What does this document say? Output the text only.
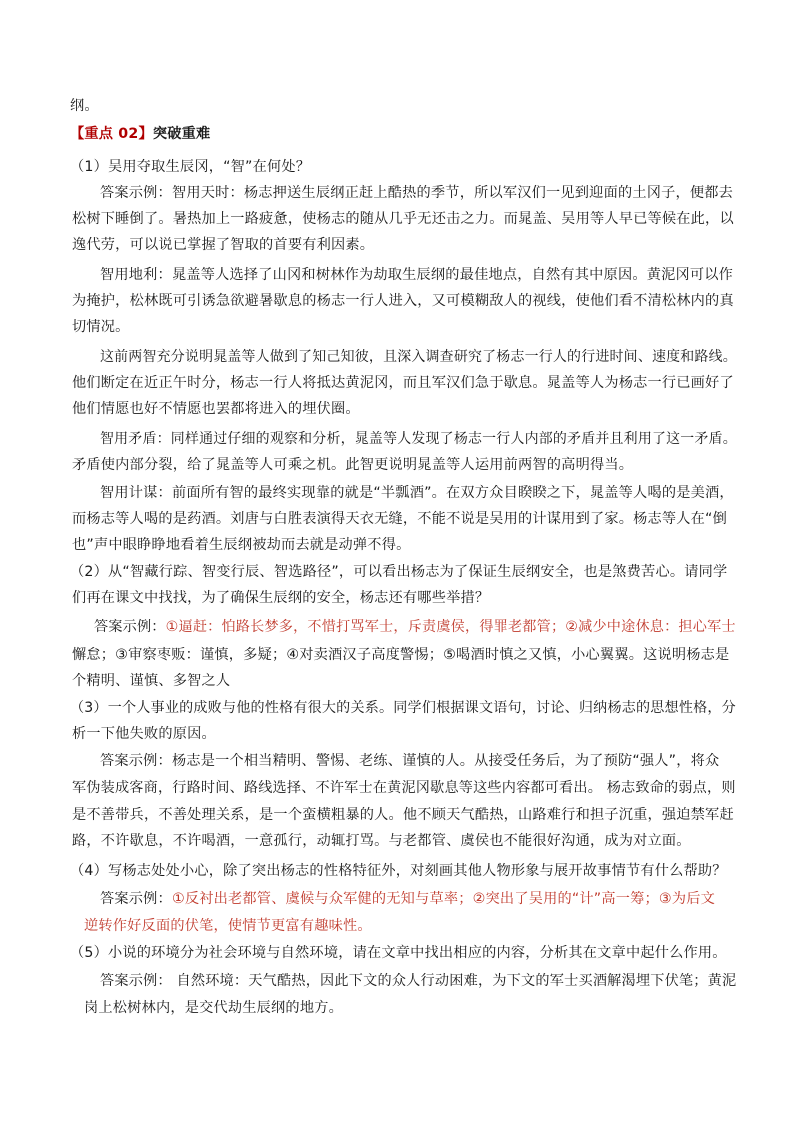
纲。
【重点 02】突破重难
（1）吴用夺取生辰冈，“智”在何处？
答案示例：智用天时：杨志押送生辰纲正赶上酷热的季节，所以军汉们一见到迎面的土冈子，便都去
松树下睡倒了。暑热加上一路疲惫，使杨志的随从几乎无还击之力。而晁盖、吴用等人早已等候在此，以
逸代劳，可以说已掌握了智取的首要有利因素。
智用地利：晁盖等人选择了山冈和树林作为劫取生辰纲的最佳地点，自然有其中原因。黄泥冈可以作
为掩护，松林既可引诱急欲避暑歇息的杨志一行人进入，又可模糊敌人的视线，使他们看不清松林内的真
切情况。
这前两智充分说明晁盖等人做到了知己知彼，且深入调查研究了杨志一行人的行进时间、速度和路线。
他们断定在近正午时分，杨志一行人将抵达黄泥冈，而且军汉们急于歇息。晁盖等人为杨志一行已画好了
他们情愿也好不情愿也罢都将进入的埋伏圈。
智用矛盾：同样通过仔细的观察和分析，晁盖等人发现了杨志一行人内部的矛盾并且利用了这一矛盾。
矛盾使内部分裂，给了晁盖等人可乘之机。此智更说明晁盖等人运用前两智的高明得当。
智用计谋：前面所有智的最终实现靠的就是“半瓢酒”。在双方众目睽睽之下，晁盖等人喝的是美酒，
而杨志等人喝的是药酒。刘唐与白胜表演得天衣无缝，不能不说是吴用的计谋用到了家。杨志等人在“倒
也”声中眼睁睁地看着生辰纲被劫而去就是动弹不得。
（2）从“智藏行踪、智变行辰、智选路径”，可以看出杨志为了保证生辰纲安全，也是煞费苦心。请同学
们再在课文中找找，为了确保生辰纲的安全，杨志还有哪些举措？
答案示例：①逼赶：怕路长梦多，不惜打骂军士，斥责虞侯，得罪老都管；②减少中途休息：担心军士
懈怠；③审察枣贩：谨慎，多疑；④对卖酒汉子高度警惕；⑤喝酒时慎之又慎，小心翼翼。这说明杨志是
个精明、谨慎、多智之人
（3）一个人事业的成败与他的性格有很大的关系。同学们根据课文语句，讨论、归纳杨志的思想性格，分
析一下他失败的原因。
答案示例：杨志是一个相当精明、警惕、老练、谨慎的人。从接受任务后，为了预防“强人”，将众
军伪装成客商，行路时间、路线选择、不许军士在黄泥冈歇息等这些内容都可看出。 杨志致命的弱点，则
是不善带兵，不善处理关系，是一个蛮横粗暴的人。他不顾天气酷热，山路难行和担子沉重，强迫禁军赶
路，不许歇息，不许喝酒，一意孤行，动辄打骂。与老都管、虞侯也不能很好沟通，成为对立面。
（4）写杨志处处小心，除了突出杨志的性格特征外，对刻画其他人物形象与展开故事情节有什么帮助？
答案示例：①反衬出老都管、虞候与众军健的无知与草率；②突出了吴用的“计”高一筹；③为后文
逆转作好反面的伏笔，使情节更富有趣味性。
（5）小说的环境分为社会环境与自然环境，请在文章中找出相应的内容，分析其在文章中起什么作用。
答案示例： 自然环境：天气酷热，因此下文的众人行动困难，为下文的军士买酒解渴埋下伏笔；黄泥
岗上松树林内，是交代劫生辰纲的地方。
